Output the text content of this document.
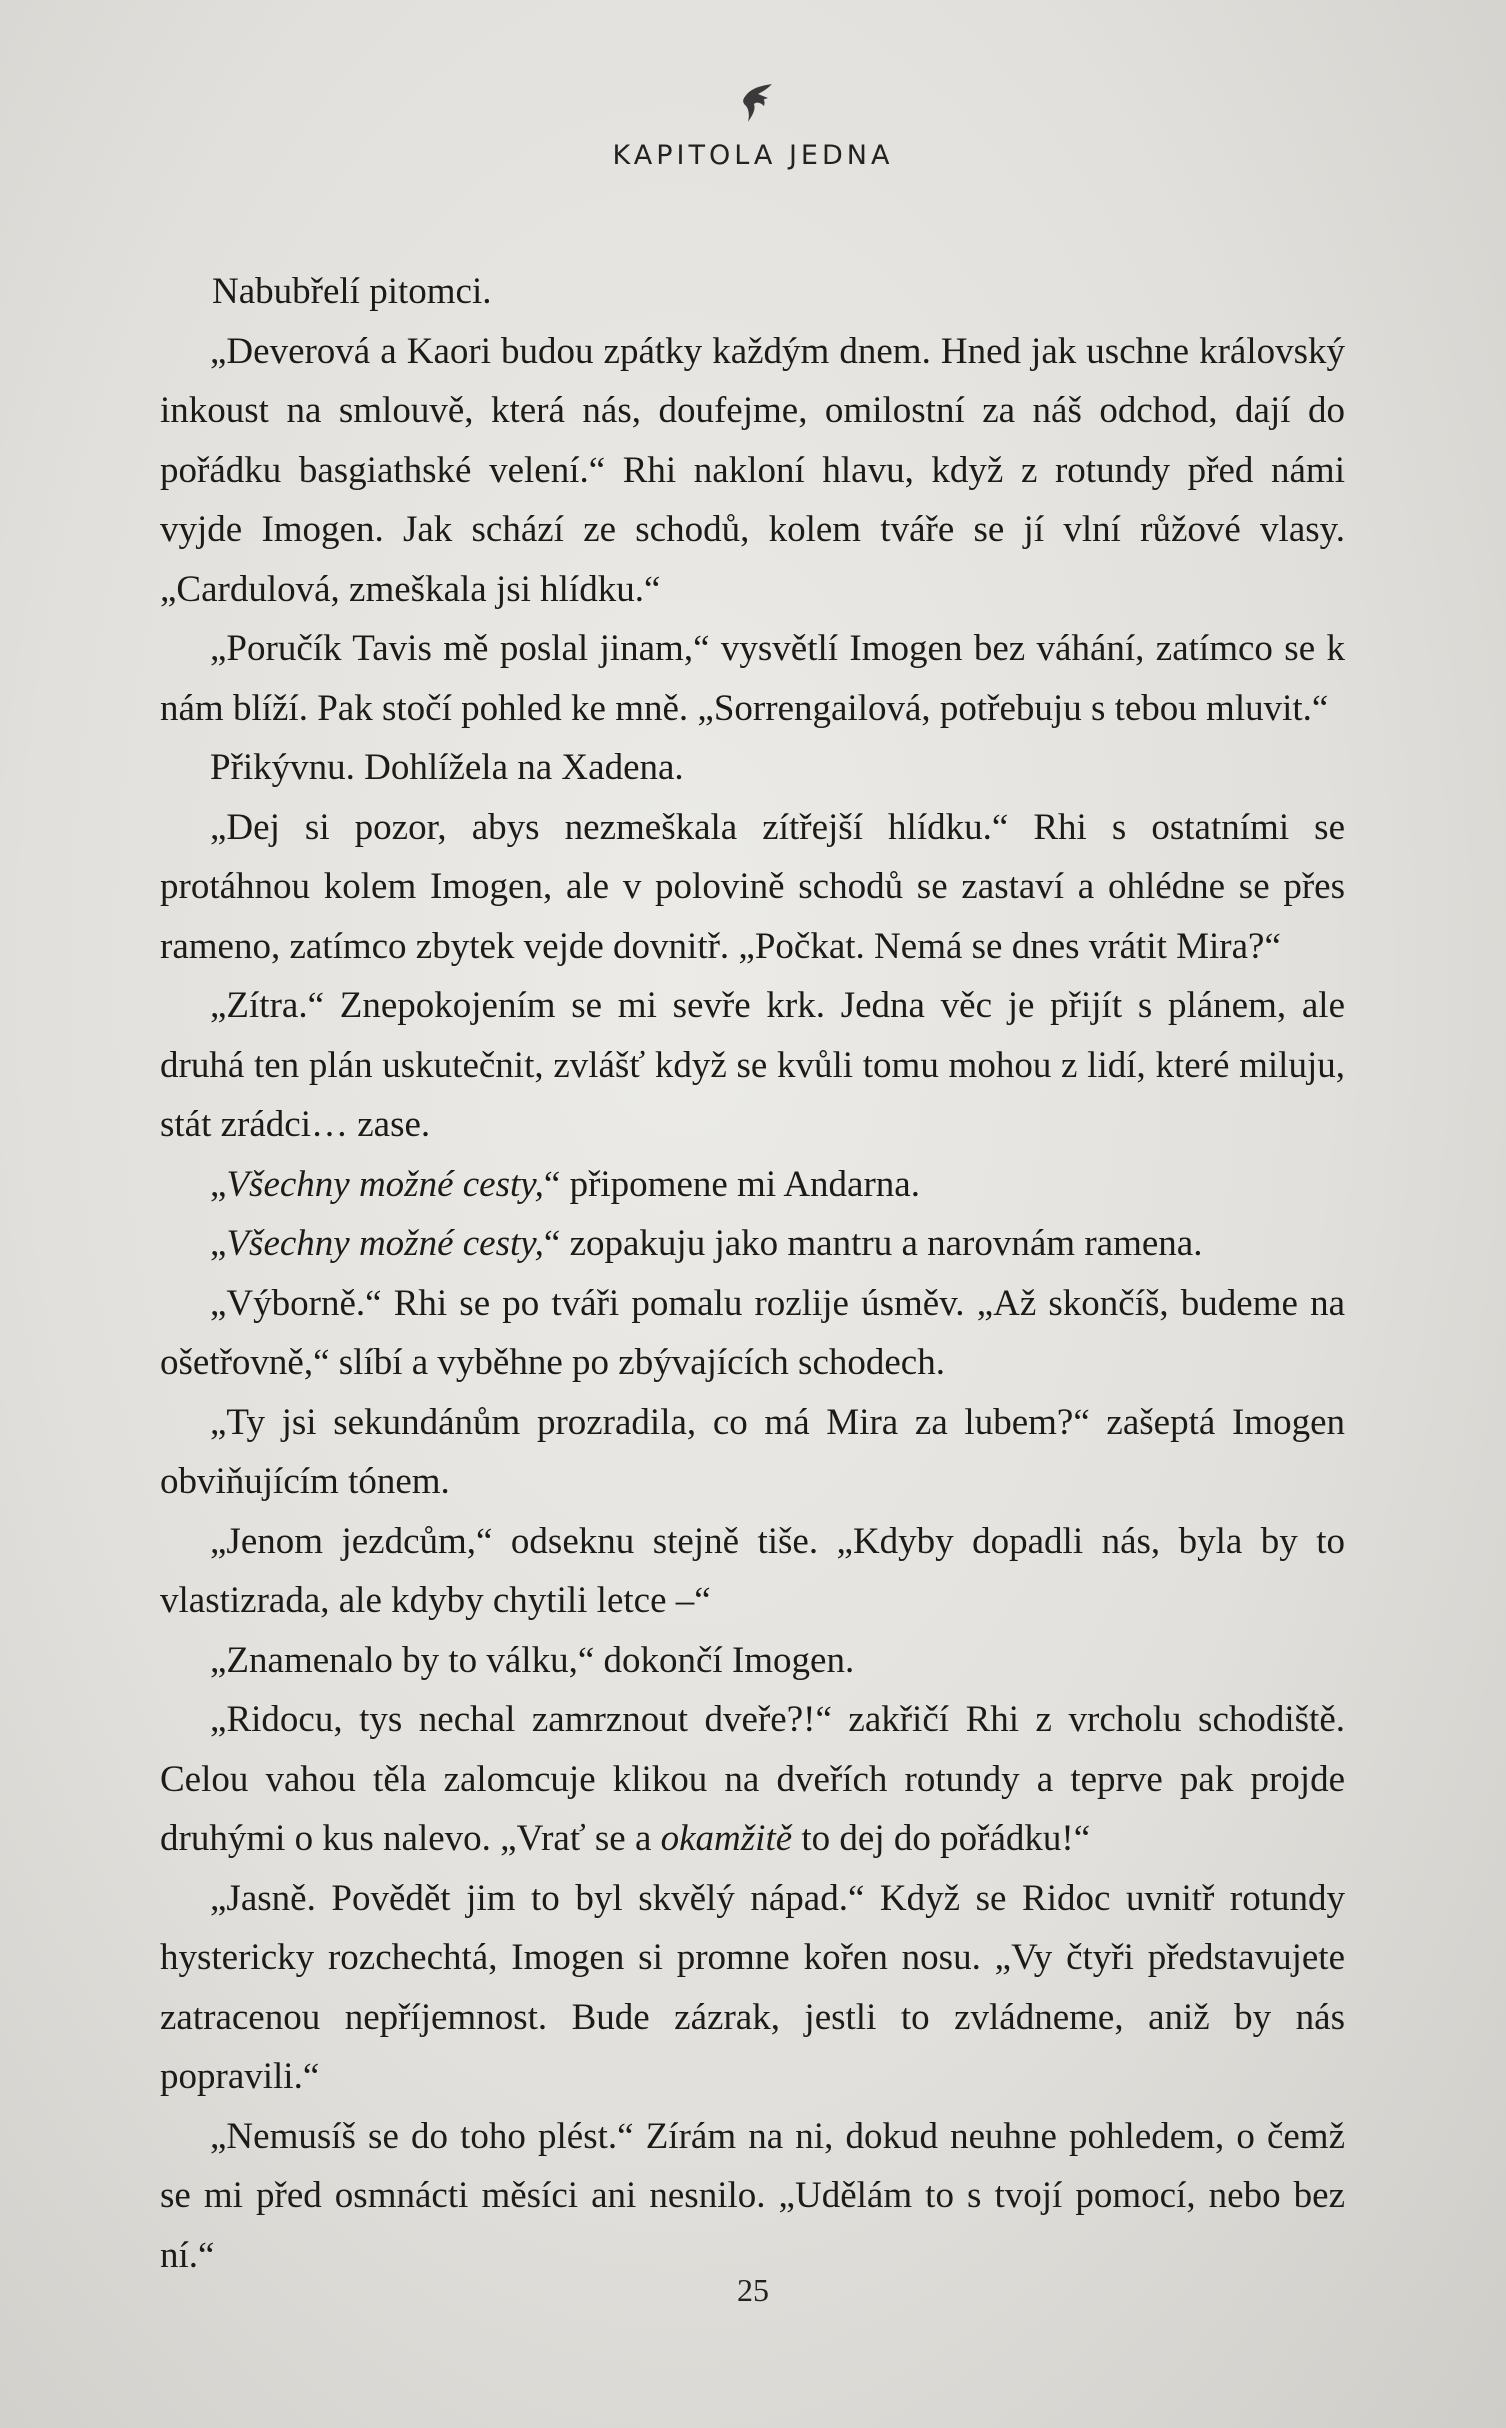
KAPITOLA JEDNA

Nabubřelí pitomci.

„Deverová a Kaori budou zpátky každým dnem. Hned jak uschne královský inkoust na smlouvě, která nás, doufejme, omilostní za náš odchod, dají do pořádku basgiathské velení.“ Rhi nakloní hlavu, když z rotundy před námi vyjde Imogen. Jak schází ze schodů, kolem tváře se jí vlní růžové vlasy. „Cardulová, zmeškala jsi hlídku.“

„Poručík Tavis mě poslal jinam,“ vysvětlí Imogen bez váhání, zatímco se k nám blíží. Pak stočí pohled ke mně. „Sorrengailová, potřebuju s tebou mluvit.“

Přikývnu. Dohlížela na Xadena.

„Dej si pozor, abys nezmeškala zítřejší hlídku.“ Rhi s ostatními se protáhnou kolem Imogen, ale v polovině schodů se zastaví a ohlédne se přes rameno, zatímco zbytek vejde dovnitř. „Počkat. Nemá se dnes vrátit Mira?“

„Zítra.“ Znepokojením se mi sevře krk. Jedna věc je přijít s plánem, ale druhá ten plán uskutečnit, zvlášť když se kvůli tomu mohou z lidí, které miluju, stát zrádci… zase.

„Všechny možné cesty,“ připomene mi Andarna.

„Všechny možné cesty,“ zopakuju jako mantru a narovnám ramena.

„Výborně.“ Rhi se po tváři pomalu rozlije úsměv. „Až skončíš, budeme na ošetřovně,“ slíbí a vyběhne po zbývajících schodech.

„Ty jsi sekundánům prozradila, co má Mira za lubem?“ zašeptá Imogen obviňujícím tónem.

„Jenom jezdcům,“ odseknu stejně tiše. „Kdyby dopadli nás, byla by to vlastizrada, ale kdyby chytili letce –“

„Znamenalo by to válku,“ dokončí Imogen.

„Ridocu, tys nechal zamrznout dveře?!“ zakřičí Rhi z vrcholu schodiště. Celou vahou těla zalomcuje klikou na dveřích rotundy a teprve pak projde druhými o kus nalevo. „Vrať se a okamžitě to dej do pořádku!“

„Jasně. Povědět jim to byl skvělý nápad.“ Když se Ridoc uvnitř rotundy hystericky rozchechtá, Imogen si promne kořen nosu. „Vy čtyři představujete zatracenou nepříjemnost. Bude zázrak, jestli to zvládneme, aniž by nás popravili.“

„Nemusíš se do toho plést.“ Zírám na ni, dokud neuhne pohledem, o čemž se mi před osmnácti měsíci ani nesnilo. „Udělám to s tvojí pomocí, nebo bez ní.“

25
